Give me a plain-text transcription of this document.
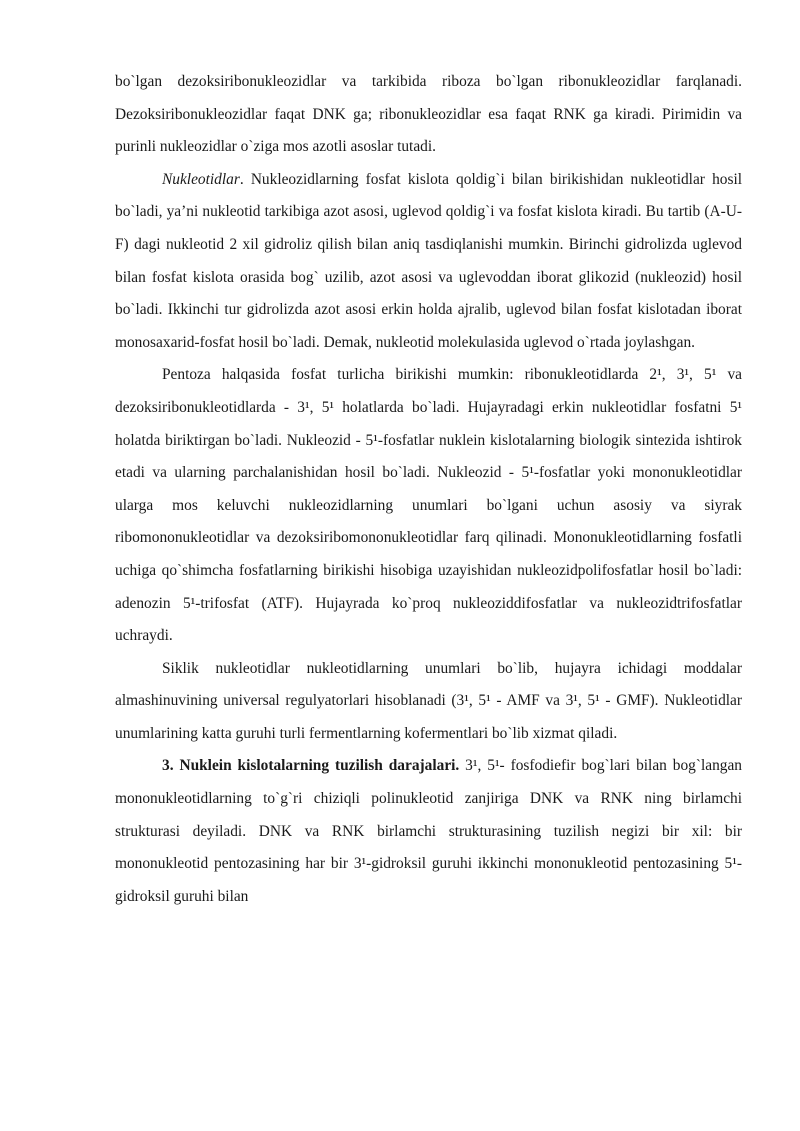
bo`lgan dezoksiribonukleozidlar va tarkibida riboza bo`lgan ribonukleozidlar farqlanadi. Dezoksiribonukleozidlar faqat DNK ga; ribonukleozidlar esa faqat RNK ga kiradi. Pirimidin va purinli nukleozidlar o`ziga mos azotli asoslar tutadi.

Nukleotidlar. Nukleozidlarning fosfat kislota qoldig`i bilan birikishidan nukleotidlar hosil bo`ladi, ya’ni nukleotid tarkibiga azot asosi, uglevod qoldig`i va fosfat kislota kiradi. Bu tartib (A-U-F) dagi nukleotid 2 xil gidroliz qilish bilan aniq tasdiqlanishi mumkin. Birinchi gidrolizda uglevod bilan fosfat kislota orasida bog` uzilib, azot asosi va uglevoddan iborat glikozid (nukleozid) hosil bo`ladi. Ikkinchi tur gidrolizda azot asosi erkin holda ajralib, uglevod bilan fosfat kislotadan iborat monosaxarid-fosfat hosil bo`ladi. Demak, nukleotid molekulasida uglevod o`rtada joylashgan.

Pentoza halqasida fosfat turlicha birikishi mumkin: ribonukleotidlarda 2¹, 3¹, 5¹ va dezoksiribonukleotidlarda - 3¹, 5¹ holatlarda bo`ladi. Hujayradagi erkin nukleotidlar fosfatni 5¹ holatda biriktirgan bo`ladi. Nukleozid - 5¹-fosfatlar nuklein kislotalarning biologik sintezida ishtirok etadi va ularning parchalanishidan hosil bo`ladi. Nukleozid - 5¹-fosfatlar yoki mononukleotidlar ularga mos keluvchi nukleozidlarning unumlari bo`lgani uchun asosiy va siyrak ribomononukleotidlar va dezoksiribomononukleotidlar farq qilinadi. Mononukleotidlarning fosfatli uchiga qo`shimcha fosfatlarning birikishi hisobiga uzayishidan nukleozidpolifosfatlar hosil bo`ladi: adenozin 5¹-trifosfat (ATF). Hujayrada ko`proq nukleoziddifosfatlar va nukleozidtrifosfatlar uchraydi.

Siklik nukleotidlar nukleotidlarning unumlari bo`lib, hujayra ichidagi moddalar almashinuvining universal regulyatorlari hisoblanadi (3¹, 5¹ - AMF va 3¹, 5¹ - GMF). Nukleotidlar unumlarining katta guruhi turli fermentlarning kofermentlari bo`lib xizmat qiladi.

3. Nuklein kislotalarning tuzilish darajalari. 3¹, 5¹- fosfodiefir bog`lari bilan bog`langan mononukleotidlarning to`g`ri chiziqli polinukleotid zanjiriga DNK va RNK ning birlamchi strukturasi deyiladi. DNK va RNK birlamchi strukturasining tuzilish negizi bir xil: bir mononukleotid pentozasining har bir 3¹-gidroksil guruhi ikkinchi mononukleotid pentozasining 5¹-gidroksil guruhi bilan
